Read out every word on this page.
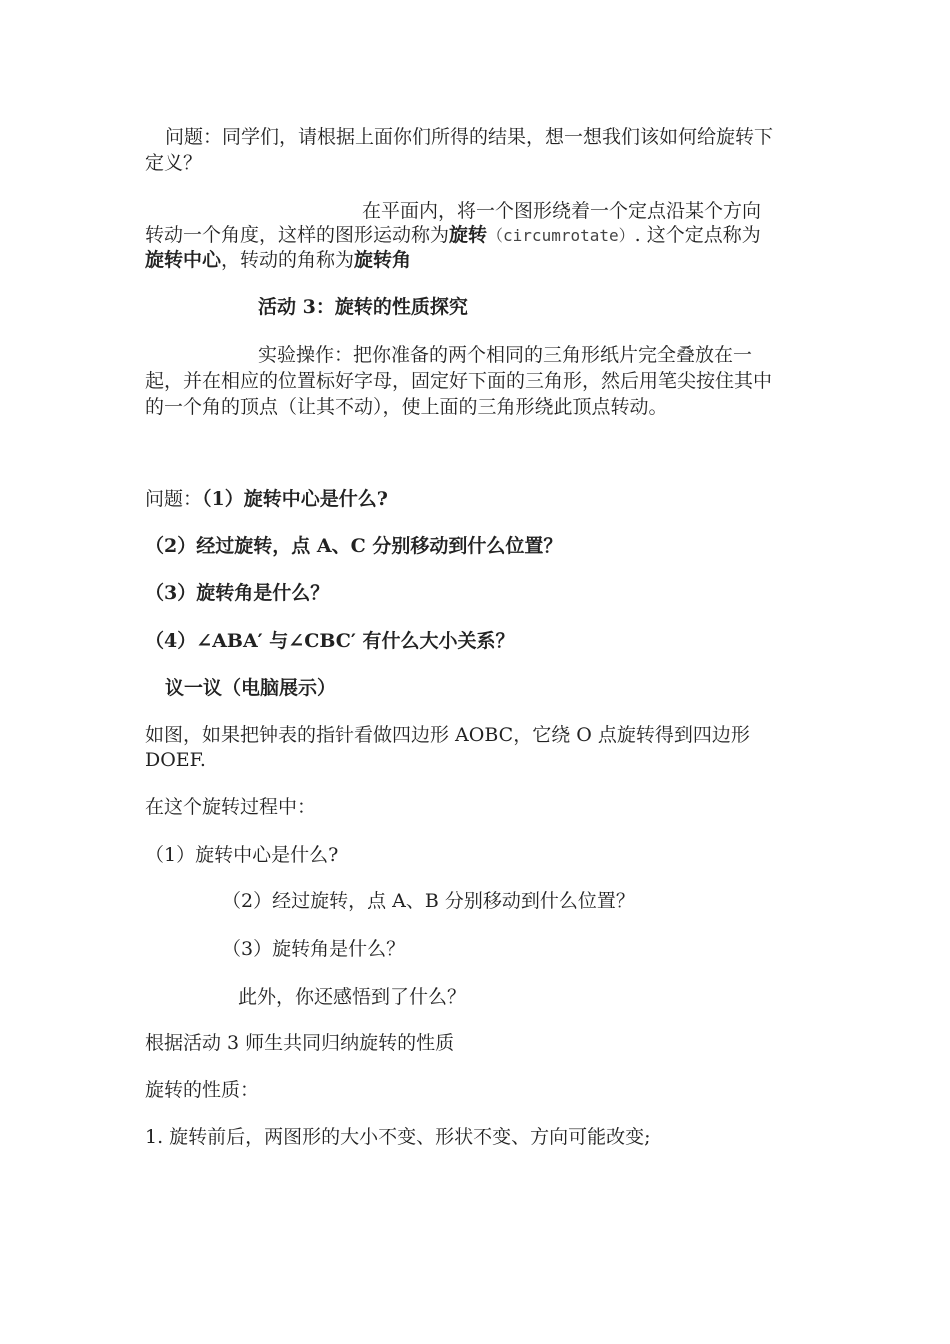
问题：同学们，请根据上面你们所得的结果，想一想我们该如何给旋转下
定义？
在平面内，将一个图形绕着一个定点沿某个方向
转动一个角度，这样的图形运动称为旋转（circumrotate）. 这个定点称为
旋转中心，转动的角称为旋转角
活动 3：旋转的性质探究
实验操作：把你准备的两个相同的三角形纸片完全叠放在一
起，并在相应的位置标好字母，固定好下面的三角形，然后用笔尖按住其中
的一个角的顶点（让其不动），使上面的三角形绕此顶点转动。
问题：（1）旋转中心是什么?
（2）经过旋转，点 A、C 分别移动到什么位置？
（3）旋转角是什么？
（4）∠ABA′ 与∠CBC′ 有什么大小关系？
议一议（电脑展示）
如图，如果把钟表的指针看做四边形 AOBC，它绕 O 点旋转得到四边形
DOEF.
在这个旋转过程中：
（1）旋转中心是什么?
（2）经过旋转，点 A、B 分别移动到什么位置？
（3）旋转角是什么？
此外，你还感悟到了什么？
根据活动 3 师生共同归纳旋转的性质
旋转的性质：
1. 旋转前后，两图形的大小不变、形状不变、方向可能改变;
